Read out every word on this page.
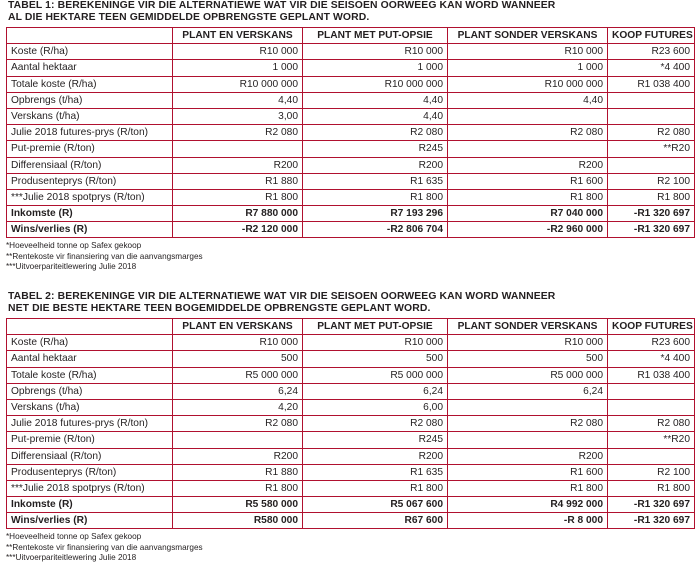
TABEL 1: BEREKENINGE VIR DIE ALTERNATIEWE WAT VIR DIE SEISOEN OORWEEG KAN WORD WANNEER
AL DIE HEKTARE TEEN GEMIDDELDE OPBRENGSTE GEPLANT WORD.
	PLANT EN VERSKANS	PLANT MET PUT-OPSIE	PLANT SONDER VERSKANS	KOOP FUTURES
Koste (R/ha)	R10 000	R10 000	R10 000	R23 600
Aantal hektaar	1 000	1 000	1 000	*4 400
Totale koste (R/ha)	R10 000 000	R10 000 000	R10 000 000	R1 038 400
Opbrengs (t/ha)	4,40	4,40	4,40	
Verskans (t/ha)	3,00	4,40		
Julie 2018 futures-prys (R/ton)	R2 080	R2 080	R2 080	R2 080
Put-premie (R/ton)		R245		**R20
Differensiaal (R/ton)	R200	R200	R200	
Produsenteprys (R/ton)	R1 880	R1 635	R1 600	R2 100
***Julie 2018 spotprys (R/ton)	R1 800	R1 800	R1 800	R1 800
Inkomste (R)	R7 880 000	R7 193 296	R7 040 000	-R1 320 697
Wins/verlies (R)	-R2 120 000	-R2 806 704	-R2 960 000	-R1 320 697
*Hoeveelheid tonne op Safex gekoop
**Rentekoste vir finansiering van die aanvangsmarges
***Uitvoerpariteitlewering Julie 2018
TABEL 2: BEREKENINGE VIR DIE ALTERNATIEWE WAT VIR DIE SEISOEN OORWEEG KAN WORD WANNEER
NET DIE BESTE HEKTARE TEEN BOGEMIDDELDE OPBRENGSTE GEPLANT WORD.
	PLANT EN VERSKANS	PLANT MET PUT-OPSIE	PLANT SONDER VERSKANS	KOOP FUTURES
Koste (R/ha)	R10 000	R10 000	R10 000	R23 600
Aantal hektaar	500	500	500	*4 400
Totale koste (R/ha)	R5 000 000	R5 000 000	R5 000 000	R1 038 400
Opbrengs (t/ha)	6,24	6,24	6,24	
Verskans (t/ha)	4,20	6,00		
Julie 2018 futures-prys (R/ton)	R2 080	R2 080	R2 080	R2 080
Put-premie (R/ton)		R245		**R20
Differensiaal (R/ton)	R200	R200	R200	
Produsenteprys (R/ton)	R1 880	R1 635	R1 600	R2 100
***Julie 2018 spotprys (R/ton)	R1 800	R1 800	R1 800	R1 800
Inkomste (R)	R5 580 000	R5 067 600	R4 992 000	-R1 320 697
Wins/verlies (R)	R580 000	R67 600	-R 8 000	-R1 320 697
*Hoeveelheid tonne op Safex gekoop
**Rentekoste vir finansiering van die aanvangsmarges
***Uitvoerpariteitlewering Julie 2018
